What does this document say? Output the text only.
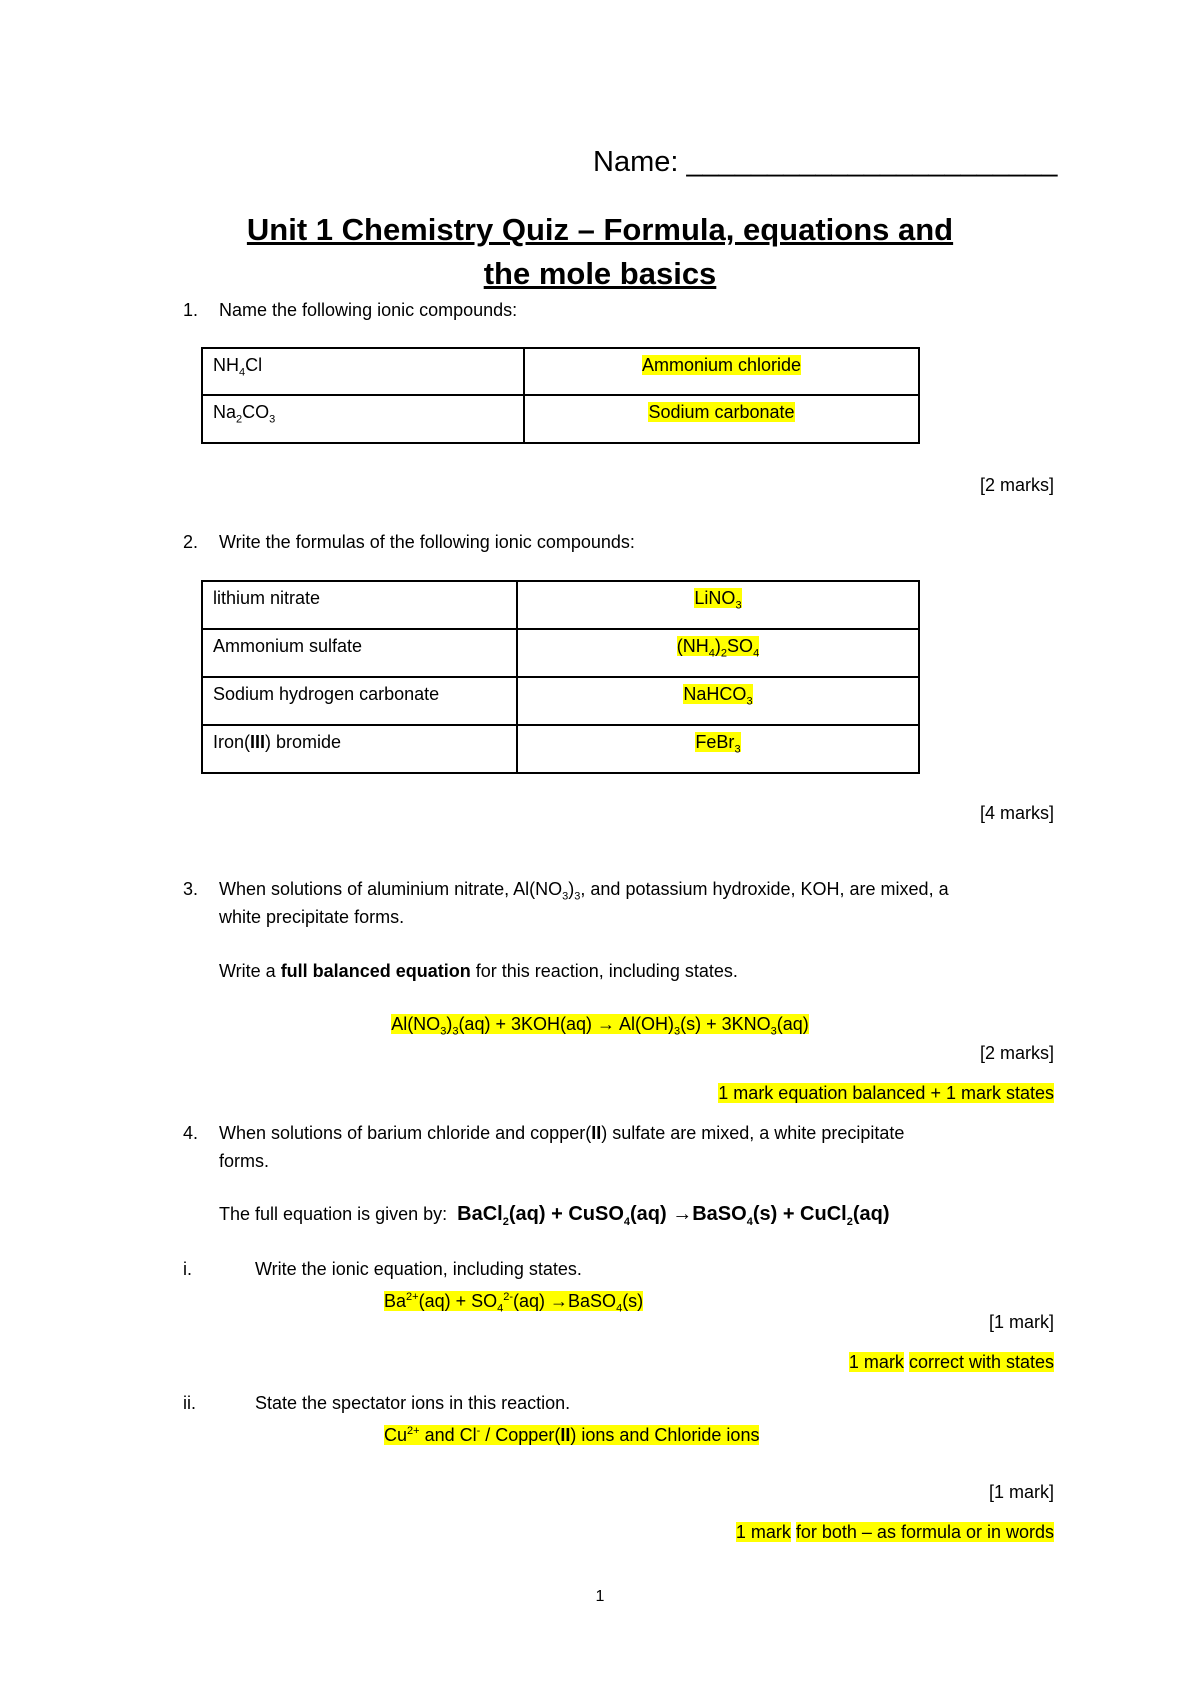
Name: _______________________
Unit 1 Chemistry Quiz – Formula, equations and
the mole basics
1. Name the following ionic compounds:
$NH_4Cl$	Ammonium chloride
$Na_2CO_3$	Sodium carbonate
[2 marks]
2. Write the formulas of the following ionic compounds:
lithium nitrate	LiNO$_3$
Ammonium sulfate	$(NH_4)_2SO_4$
Sodium hydrogen carbonate	NaHCO$_3$
Iron(III) bromide	FeBr$_3$
[4 marks]
3. When solutions of aluminium nitrate, $Al(NO_3)_3$, and potassium hydroxide, KOH, are mixed, a
white precipitate forms.
Write a full balanced equation for this reaction, including states.
$Al(NO_3)_3(aq) + 3KOH(aq) \to Al(OH)_3(s) + 3KNO_3(aq)$
[2 marks]
1 mark equation balanced + 1 mark states
4. When solutions of barium chloride and copper(II) sulfate are mixed, a white precipitate
forms.
The full equation is given by: BaCl$_2$(aq) + CuSO$_4$(aq) →BaSO$_4$(s) + CuCl$_2$(aq)
i.	Write the ionic equation, including states.
$Ba^{2+}(aq) + SO_4^{2-}(aq)$ →BaSO$_4$(s)
[1 mark]
1 mark correct with states
ii.	State the spectator ions in this reaction.
$Cu^{2+}$ and Cl- / Copper(II) ions and Chloride ions
[1 mark]
1 mark for both – as formula or in words
1
